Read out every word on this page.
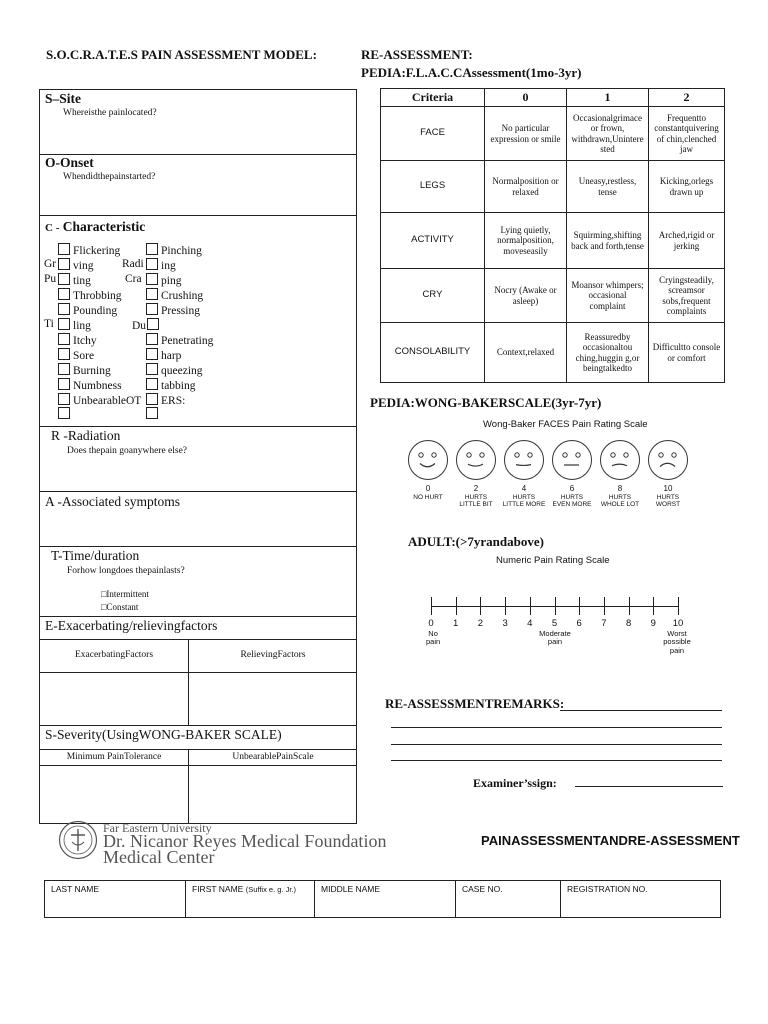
S.O.C.R.A.T.E.S PAIN ASSESSMENT MODEL:	RE-ASSESSMENT:
PEDIA:F.L.A.C.CAssessment(1mo-3yr)
S–Site
Whereisthe painlocated?
O-Onset
Whendidthepainstarted?
C - Characteristic
Flickering	Pinching
Gr	ving Radi	ing
Pu	ting	Cra	ping
Throbbing	Crushing
Pounding	Pressing
Ti	ling	Du
Itchy	Penetrating
Sore	harp
Burning	queezing
Numbness	tabbing
UnbearableOT	ERS:
R -Radiation
Does thepain goanywhere else?
A -Associated symptoms
T-Time/duration
Forhow longdoes thepainlasts?
□Intermittent
□Constant
E-Exacerbating/relievingfactors
ExacerbatingFactors	RelievingFactors
S-Severity(UsingWONG-BAKER SCALE)
Minimum PainTolerance	UnbearablePainScale
Criteria	0	1	2
FACE	No particular expression or smile	Occasionalgrimace or frown, withdrawn,Unintere sted	Frequentto constantquivering of chin,clenched jaw
LEGS	Normalposition or relaxed	Uneasy,restless, tense	Kicking,orlegs drawn up
ACTIVITY	Lying quietly, normalposition, moveseasily	Squirming,shifting back and forth,tense	Arched,rigid or jerking
CRY	Nocry (Awake or asleep)	Moansor whimpers; occasional complaint	Cryingsteadily, screamsor sobs,frequent complaints
CONSOLABILITY	Context,relaxed	Reassuredby occasionaltou ching,huggin g,or beingtalkedto	Difficultto console or comfort
PEDIA:WONG-BAKERSCALE(3yr-7yr)
Wong-Baker FACES Pain Rating Scale
0
NO HURT
2
HURTS
LITTLE BIT
4
HURTS
LITTLE MORE
6
HURTS
EVEN MORE
8
HURTS
WHOLE LOT
10
HURTS
WORST
ADULT:(>7yrandabove)
Numeric Pain Rating Scale
0	1	2	3	4	5	6	7	8	9	10
No
pain
Moderate
pain
Worst
possible
pain
RE-ASSESSMENTREMARKS:
Examiner’ssign:
Far Eastern University
Dr. Nicanor Reyes Medical Foundation
Medical Center
PAINASSESSMENTANDRE-ASSESSMENT
LAST NAME	FIRST NAME (Suffix e. g. Jr.)	MIDDLE NAME	CASE NO.	REGISTRATION NO.
